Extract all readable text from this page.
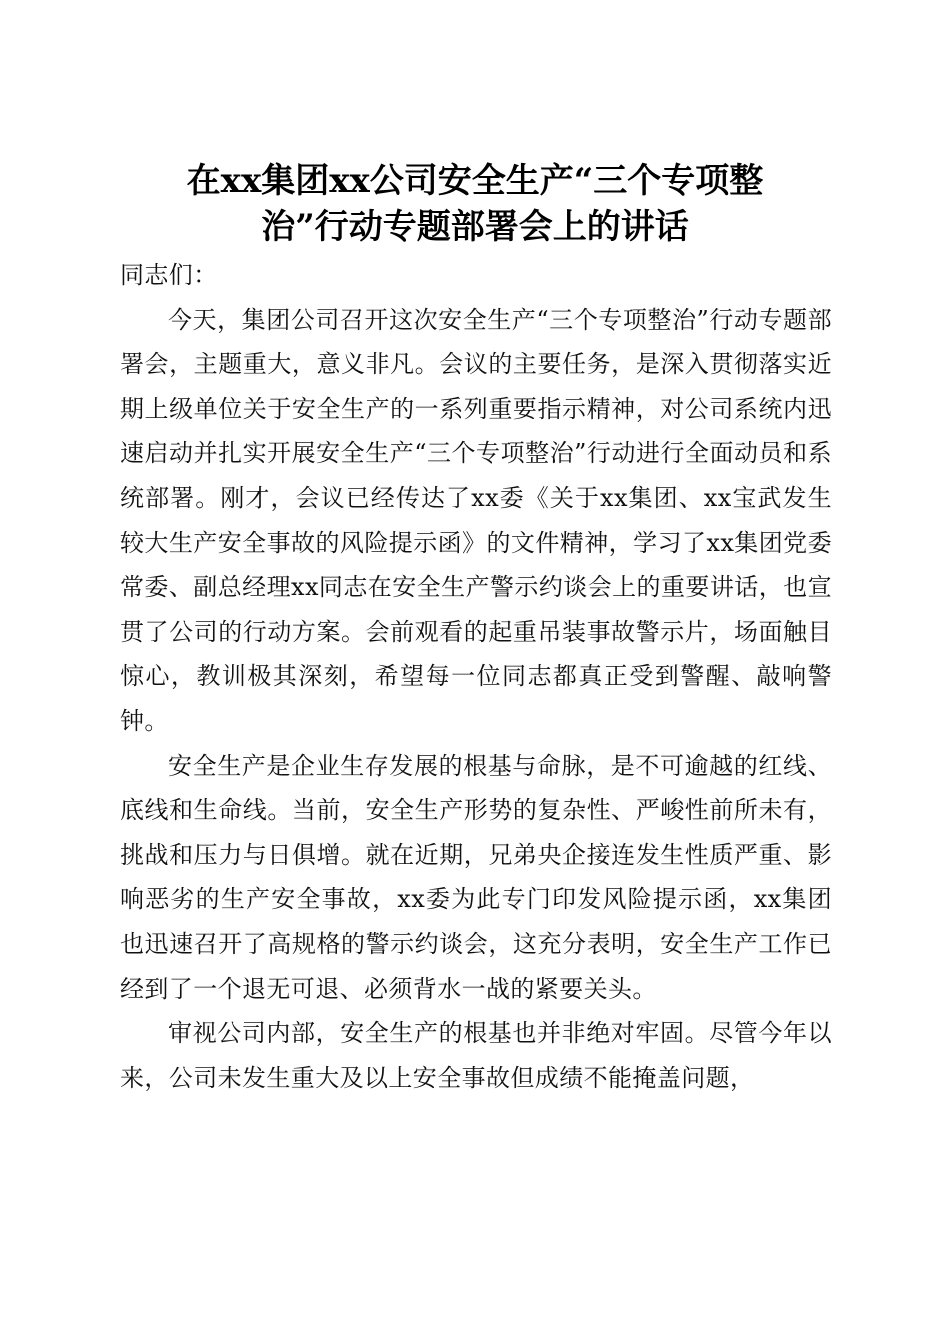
在xx集团xx公司安全生产“三个专项整
治”行动专题部署会上的讲话

同志们：

今天，集团公司召开这次安全生产“三个专项整治”行动专题部署会，主题重大，意义非凡。会议的主要任务，是深入贯彻落实近期上级单位关于安全生产的一系列重要指示精神，对公司系统内迅速启动并扎实开展安全生产“三个专项整治”行动进行全面动员和系统部署。刚才，会议已经传达了xx委《关于xx集团、xx宝武发生较大生产安全事故的风险提示函》的文件精神，学习了xx集团党委常委、副总经理xx同志在安全生产警示约谈会上的重要讲话，也宣贯了公司的行动方案。会前观看的起重吊装事故警示片，场面触目惊心，教训极其深刻，希望每一位同志都真正受到警醒、敲响警钟。

安全生产是企业生存发展的根基与命脉，是不可逾越的红线、底线和生命线。当前，安全生产形势的复杂性、严峻性前所未有，挑战和压力与日俱增。就在近期，兄弟央企接连发生性质严重、影响恶劣的生产安全事故，xx委为此专门印发风险提示函，xx集团也迅速召开了高规格的警示约谈会，这充分表明，安全生产工作已经到了一个退无可退、必须背水一战的紧要关头。

审视公司内部，安全生产的根基也并非绝对牢固。尽管今年以来，公司未发生重大及以上安全事故但成绩不能掩盖问题，
